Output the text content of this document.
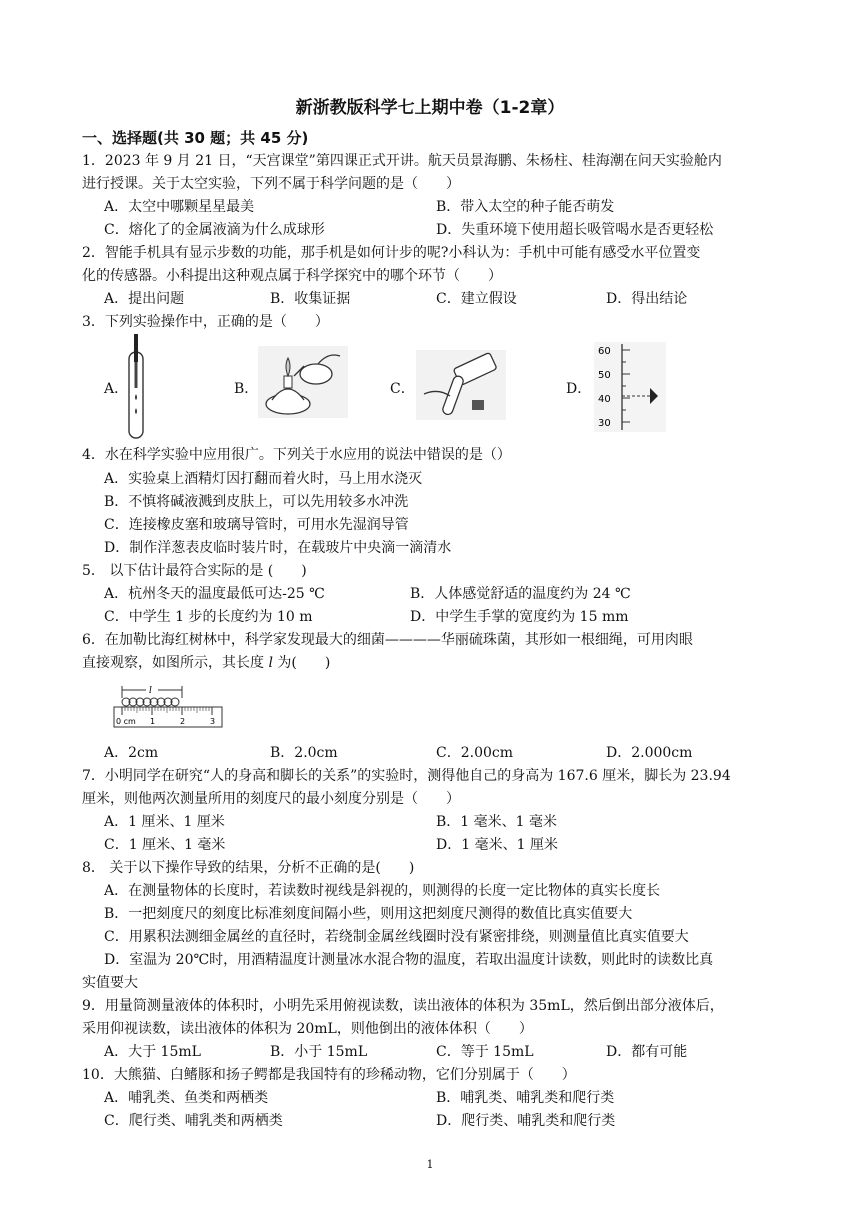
新浙教版科学七上期中卷（1-2章）
一、选择题(共 30 题；共 45 分)
1．2023 年 9 月 21 日，“天宫课堂”第四课正式开讲。航天员景海鹏、朱杨柱、桂海潮在问天实验舱内
进行授课。关于太空实验，下列不属于科学问题的是（　　）
A．太空中哪颗星星最美	B．带入太空的种子能否萌发
C．熔化了的金属液滴为什么成球形	D．失重环境下使用超长吸管喝水是否更轻松
2．智能手机具有显示步数的功能，那手机是如何计步的呢?小科认为：手机中可能有感受水平位置变
化的传感器。小科提出这种观点属于科学探究中的哪个环节（　　）
A．提出问题	B．收集证据	C．建立假设	D．得出结论
3．下列实验操作中，正确的是（　　）
A．	B．	C．	D．
60
50
40
30
4．水在科学实验中应用很广。下列关于水应用的说法中错误的是（）
A．实验桌上酒精灯因打翻而着火时，马上用水浇灭
B．不慎将碱液溅到皮肤上，可以先用较多水冲洗
C．连接橡皮塞和玻璃导管时，可用水先湿润导管
D．制作洋葱表皮临时装片时，在载玻片中央滴一滴清水
5． 以下估计最符合实际的是 (　　)
A．杭州冬天的温度最低可达-25 ℃	B．人体感觉舒适的温度约为 24 ℃
C．中学生 1 步的长度约为 10 m	D．中学生手掌的宽度约为 15 mm
6．在加勒比海红树林中，科学家发现最大的细菌————华丽硫珠菌，其形如一根细绳，可用肉眼
直接观察，如图所示，其长度 l 为(　　)
l
0 cm 1	2	3
A．2cm	B．2.0cm	C．2.00cm	D．2.000cm
7．小明同学在研究“人的身高和脚长的关系”的实验时，测得他自己的身高为 167.6 厘米，脚长为 23.94
厘米，则他两次测量所用的刻度尺的最小刻度分别是（　　）
A．1 厘米、1 厘米	B．1 毫米、1 毫米
C．1 厘米、1 毫米	D．1 毫米、1 厘米
8． 关于以下操作导致的结果，分析不正确的是(　　)
A．在测量物体的长度时，若读数时视线是斜视的，则测得的长度一定比物体的真实长度长
B．一把刻度尺的刻度比标准刻度间隔小些，则用这把刻度尺测得的数值比真实值要大
C．用累积法测细金属丝的直径时，若绕制金属丝线圈时没有紧密排绕，则测量值比真实值要大
D．室温为 20℃时，用酒精温度计测量冰水混合物的温度，若取出温度计读数，则此时的读数比真
实值要大
9．用量筒测量液体的体积时，小明先采用俯视读数，读出液体的体积为 35mL，然后倒出部分液体后，
采用仰视读数，读出液体的体积为 20mL，则他倒出的液体体积（　　）
A．大于 15mL	B．小于 15mL	C．等于 15mL	D．都有可能
10．大熊猫、白鳍豚和扬子鳄都是我国特有的珍稀动物，它们分别属于（　　）
A．哺乳类、鱼类和两栖类	B．哺乳类、哺乳类和爬行类
C．爬行类、哺乳类和两栖类	D．爬行类、哺乳类和爬行类
1
